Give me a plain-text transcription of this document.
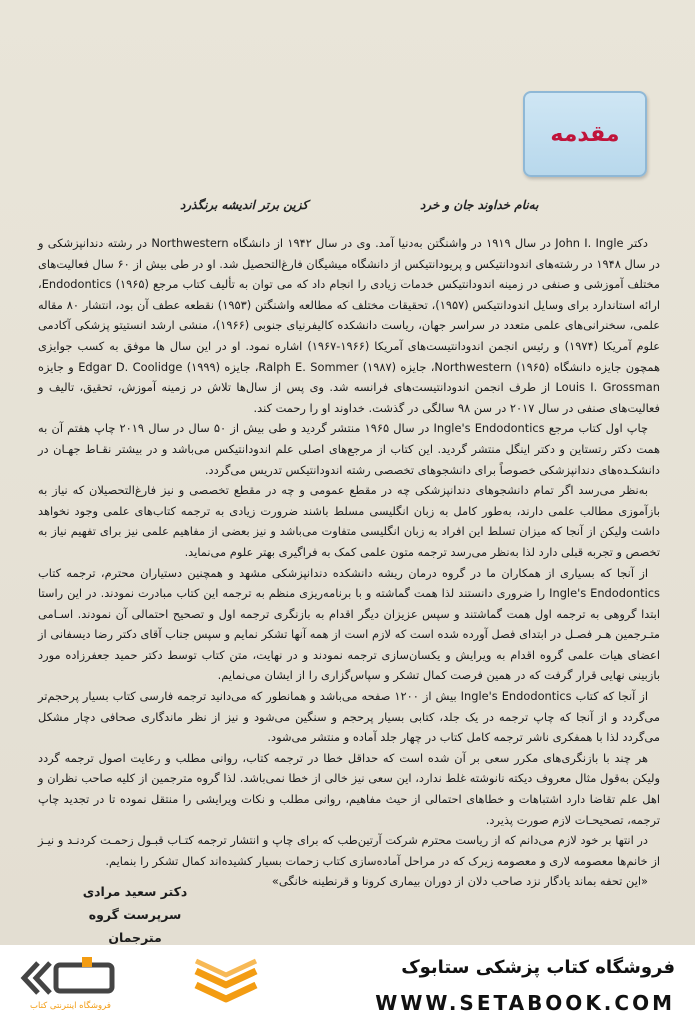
مقدمه
به‌نام خداوند جان و خرد
کزین برتر اندیشه برنگذرد

دکتر John I. Ingle در سال ۱۹۱۹ در واشنگتن به‌دنیا آمد. وی در سال ۱۹۴۲ از دانشگاه Northwestern در رشته دندانپزشکی و در سال ۱۹۴۸ در رشته‌های اندودانتیکس و پریودانتیکس از دانشگاه میشیگان فارغ‌التحصیل شد. او در طی بیش از ۶۰ سال فعالیت‌های مختلف آموزشی و صنفی در زمینه اندودانتیکس خدمات زیادی را انجام داد که می توان به تألیف کتاب مرجع Endodontics (۱۹۶۵)، ارائه استاندارد برای وسایل اندودانتیکس (۱۹۵۷)، تحقیقات مختلف که مطالعه واشنگتن (۱۹۵۳) نقطعه عطف آن بود، انتشار ۸۰ مقاله علمی، سخنرانی‌های علمی متعدد در سراسر جهان، ریاست دانشکده کالیفرنیای جنوبی (۱۹۶۶)، منشی ارشد انستیتو پزشکی آکادمی علوم آمریکا (۱۹۷۴) و رئیس انجمن اندودانتیست‌های آمریکا (۱۹۶۶-۱۹۶۷) اشاره نمود. او در این سال ها موفق به کسب جوایزی همچون جایزه دانشگاه Northwestern (۱۹۶۵)، جایزه Ralph E. Sommer (۱۹۸۷)، جایزه Edgar D. Coolidge (۱۹۹۹) و جایزه Louis I. Grossman از طرف انجمن اندودانتیست‌های فرانسه شد. وی پس از سال‌ها تلاش در زمینه آموزش، تحقیق، تالیف و فعالیت‌های صنفی در سال ۲۰۱۷ در سن ۹۸ سالگی در گذشت. خداوند او را رحمت کند.

چاپ اول کتاب مرجع Ingle's Endodontics در سال ۱۹۶۵ منتشر گردید و طی بیش از ۵۰ سال در سال ۲۰۱۹ چاپ هفتم آن به همت دکتر رتستاین و دکتر اینگل منتشر گردید. این کتاب از مرجع‌های اصلی علم اندودانتیکس می‌باشد و در بیشتر نقـاط جهـان در دانشکـده‌های دندانپزشکی خصوصاً برای دانشجوهای تخصصی رشته اندودانتیکس تدریس می‌گردد.

به‌نظر می‌رسد اگر تمام دانشجوهای دندانپزشکی چه در مقطع عمومی و چه در مقطع تخصصی و نیز فارغ‌التحصیلان که نیاز به بازآموزی مطالب علمی دارند، به‌طور کامل به زبان انگلیسی مسلط باشند ضرورت زیادی به ترجمه کتاب‌های علمی وجود نخواهد داشت ولیکن از آنجا که میزان تسلط این افراد به زبان انگلیسی متفاوت می‌باشد و نیز بعضی از مفاهیم علمی نیز برای تفهیم نیاز به تخصص و تجربه قبلی دارد لذا به‌نظر می‌رسد ترجمه متون علمی کمک به فراگیری بهتر علوم می‌نماید.

از آنجا که بسیاری از همکاران ما در گروه درمان ریشه دانشکده دندانپزشکی مشهد و همچنین دستیاران محترم، ترجمه کتاب Ingle's Endodontics را ضروری دانستند لذا همت گماشته و با برنامه‌ریزی منظم به ترجمه این کتاب مبادرت نمودند. در این راستا ابتدا گروهی به ترجمه اول همت گماشتند و سپس عزیزان دیگر اقدام به بازنگری ترجمه اول و تصحیح احتمالی آن نمودند. اسـامی متـرجمین هـر فصـل در ابتدای فصل آورده شده است که لازم است از همه آنها تشکر نمایم و سپس جناب آقای دکتر رضا دیسفانی از اعضای هیات علمی گروه اقدام به ویرایش و یکسان‌سازی ترجمه نمودند و در نهایت، متن کتاب توسط دکتر حمید جعفرزاده مورد بازبینی نهایی قرار گرفت که در همین فرصت کمال تشکر و سپاس‌گزاری را از ایشان می‌نمایم.

از آنجا که کتاب Ingle's Endodontics بیش از ۱۲۰۰ صفحه می‌باشد و همانطور که می‌دانید ترجمه فارسی کتاب بسیار پرحجم‌تر می‌گردد و از آنجا که چاپ ترجمه در یک جلد، کتابی بسیار پرحجم و سنگین می‌شود و نیز از نظر ماندگاری صحافی دچار مشکل می‌گردد لذا با همفکری ناشر ترجمه کامل کتاب در چهار جلد آماده و منتشر می‌شود.

هر چند با بازنگری‌های مکرر سعی بر آن شده است که حداقل خطا در ترجمه کتاب، روانی مطلب و رعایت اصول ترجمه گردد ولیکن به‌قول مثال معروف دیکته نانوشته غلط ندارد، این سعی نیز خالی از خطا نمی‌باشد. لذا گروه مترجمین از کلیه صاحب نظران و اهل علم تقاضا دارد اشتباهات و خطاهای احتمالی از حیث مفاهیم، روانی مطلب و نکات ویرایشی را منتقل نموده تا در تجدید چاپ ترجمه، تصحیحـات لازم صورت پذیرد.

در انتها بر خود لازم می‌دانم که از ریاست محترم شرکت آرتین‌طب که برای چاپ و انتشار ترجمه کتـاب قبـول زحمـت کردنـد و نیـز از خانم‌ها معصومه لاری و معصومه زیرک که در مراحل آماده‌سازی کتاب زحمات بسیار کشیده‌اند کمال تشکر را بنمایم.

«این تحفه بماند یادگار نزد صاحب دلان از دوران بیماری کرونا و قرنطینه خانگی»

دکتر سعید مرادی
سرپرست گروه مترجمان
فروشگاه اینترنتی کتاب
فروشگاه کتاب پزشکی ستابوک
WWW.SETABOOK.COM
